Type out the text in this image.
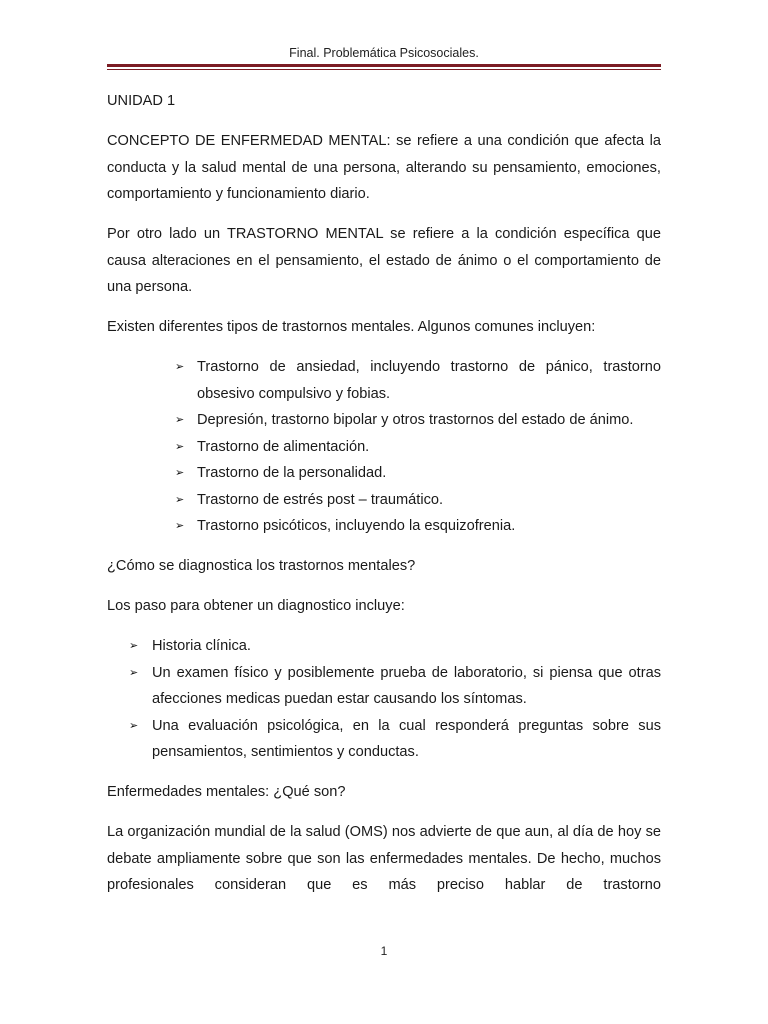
Final. Problemática Psicosociales.
UNIDAD 1

CONCEPTO DE ENFERMEDAD MENTAL: se refiere a una condición que afecta la conducta y la salud mental de una persona, alterando su pensamiento, emociones, comportamiento y funcionamiento diario.

Por otro lado un TRASTORNO MENTAL se refiere a la condición específica que causa alteraciones en el pensamiento, el estado de ánimo o el comportamiento de una persona.

Existen diferentes tipos de trastornos mentales. Algunos comunes incluyen:

➢ Trastorno de ansiedad, incluyendo trastorno de pánico, trastorno obsesivo compulsivo y fobias.
➢ Depresión, trastorno bipolar y otros trastornos del estado de ánimo.
➢ Trastorno de alimentación.
➢ Trastorno de la personalidad.
➢ Trastorno de estrés post – traumático.
➢ Trastorno psicóticos, incluyendo la esquizofrenia.

¿Cómo se diagnostica los trastornos mentales?

Los paso para obtener un diagnostico incluye:

➢ Historia clínica.
➢ Un examen físico y posiblemente prueba de laboratorio, si piensa que otras afecciones medicas puedan estar causando los síntomas.
➢ Una evaluación psicológica, en la cual responderá preguntas sobre sus pensamientos, sentimientos y conductas.

Enfermedades mentales: ¿Qué son?

La organización mundial de la salud (OMS) nos advierte de que aun, al día de hoy se debate ampliamente sobre que son las enfermedades mentales. De hecho, muchos profesionales consideran que es más preciso hablar de trastorno

1
